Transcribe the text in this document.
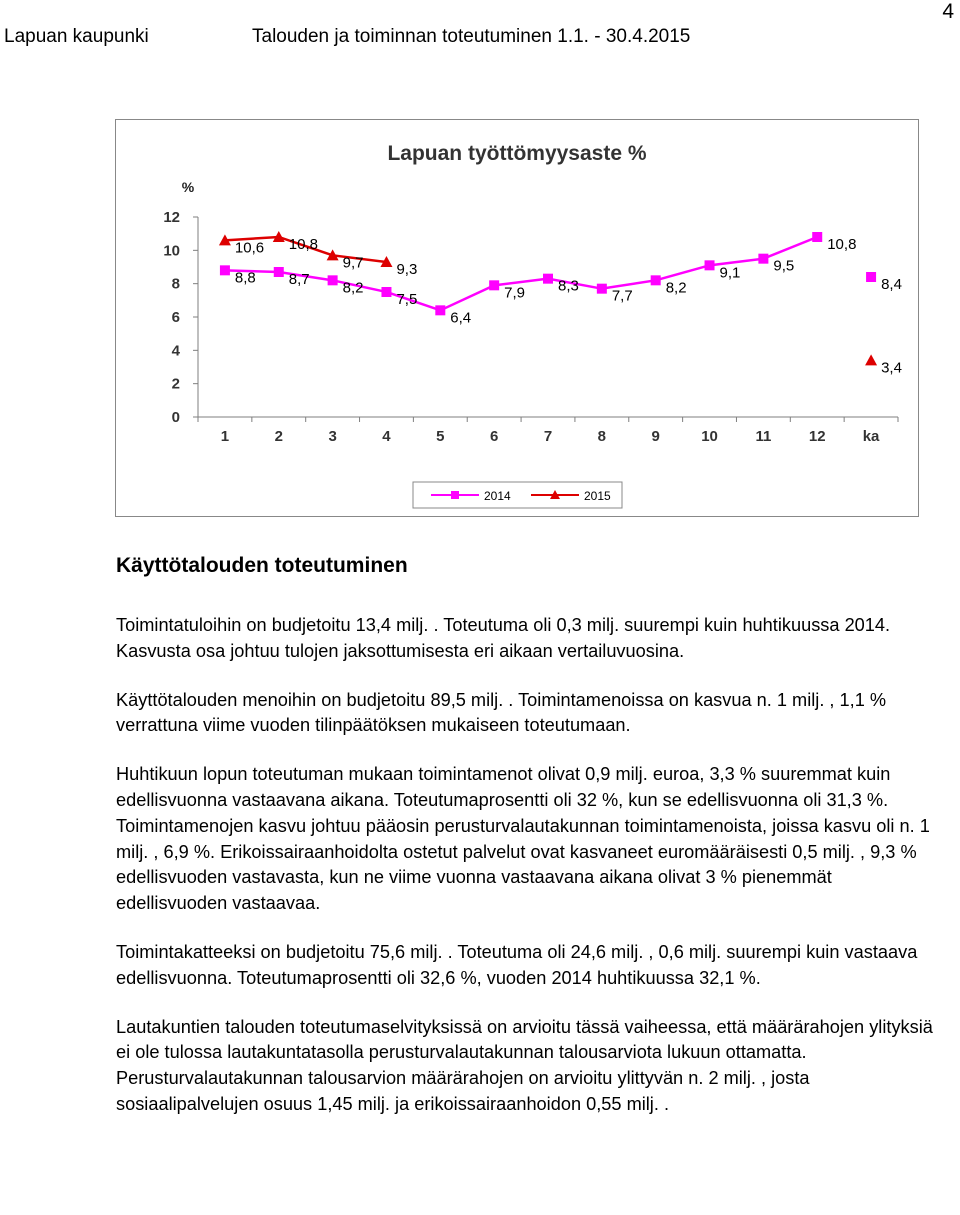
Lapuan kaupunki	Talouden ja toiminnan toteutuminen 1.1. - 30.4.2015
4
Lapuan työttömyysaste %
%
0
2
4
6
8
10
12
1	2	3	4	5	6	7	8	9	10	11	12 ka
8,8 8,7 8,2
7,5
6,4
7,9 8,3
7,7 8,2
9,1 9,5
10,8
8,4
10,6 10,8
9,7 9,3
3,4
2014	2015
Käyttötalouden toteutuminen

Toimintatuloihin on budjetoitu 13,4 milj. . Toteutuma oli 0,3 milj. suurempi kuin huhtikuussa 2014. Kasvusta osa johtuu tulojen jaksottumisesta eri aikaan vertailuvuosina.

Käyttötalouden menoihin on budjetoitu 89,5 milj. . Toimintamenoissa on kasvua n. 1 milj. , 1,1 % verrattuna viime vuoden tilinpäätöksen mukaiseen toteutumaan.

Huhtikuun lopun toteutuman mukaan toimintamenot olivat 0,9 milj. euroa, 3,3 % suuremmat kuin edellisvuonna vastaavana aikana. Toteutumaprosentti oli 32 %, kun se edellisvuonna oli 31,3 %. Toimintamenojen kasvu johtuu pääosin perusturvalautakunnan toimintamenoista, joissa kasvu oli n. 1 milj. , 6,9 %. Erikoissairaanhoidolta ostetut palvelut ovat kasvaneet euromääräisesti 0,5 milj. , 9,3 % edellisvuoden vastavasta, kun ne viime vuonna vastaavana aikana olivat 3 % pienemmät edellisvuoden vastaavaa.

Toimintakatteeksi on budjetoitu 75,6 milj. . Toteutuma oli 24,6 milj. , 0,6 milj. suurempi kuin vastaava edellisvuonna. Toteutumaprosentti oli 32,6 %, vuoden 2014 huhtikuussa 32,1 %.

Lautakuntien talouden toteutumaselvityksissä on arvioitu tässä vaiheessa, että määrärahojen ylityksiä ei ole tulossa lautakuntatasolla perusturvalautakunnan talousarviota lukuun ottamatta. Perusturvalautakunnan talousarvion määrärahojen on arvioitu ylittyvän n. 2 milj. , josta sosiaalipalvelujen osuus 1,45 milj. ja erikoissairaanhoidon 0,55 milj. .
